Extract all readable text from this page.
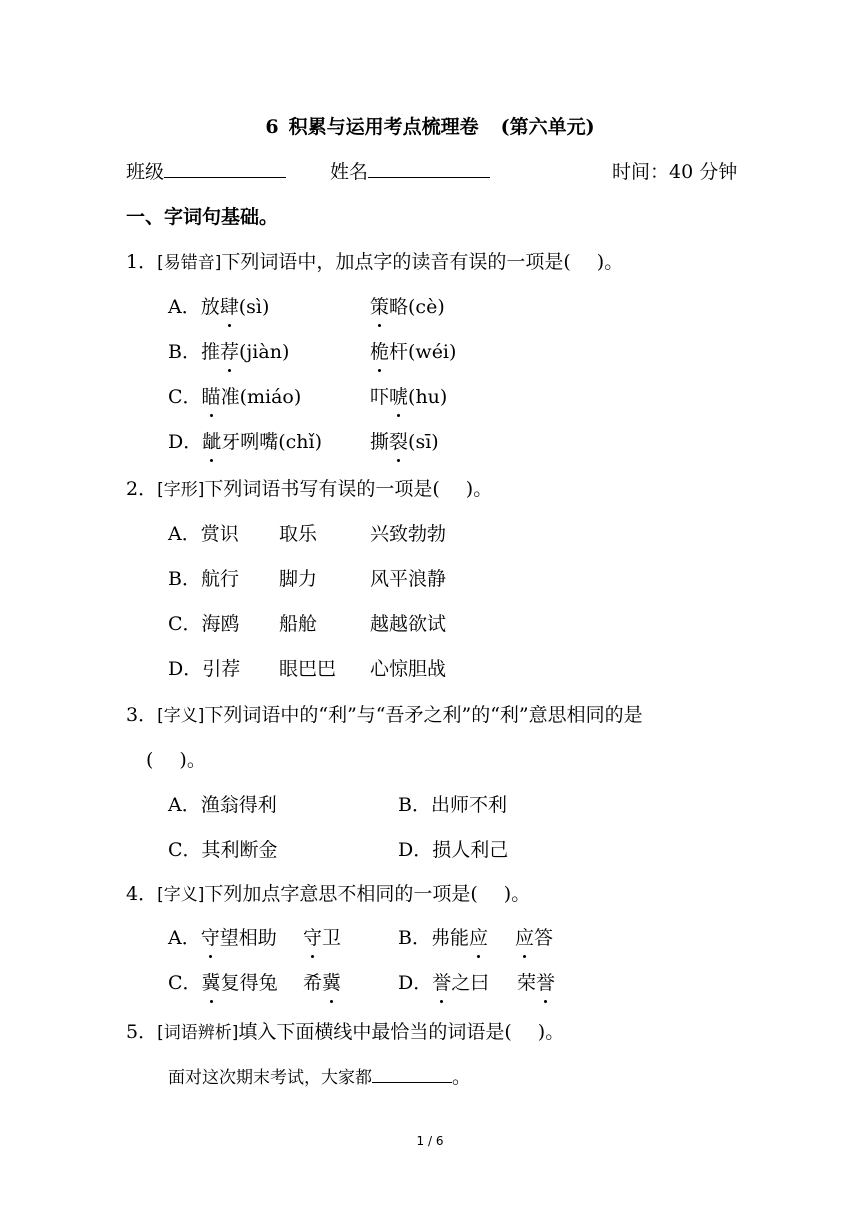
6 积累与运用考点梳理卷 (第六单元)
班级	姓名	时间：40 分钟
一、字词句基础。
1．[易错音]下列词语中，加点字的读音有误的一项是( )。
A．放肆(sì)	策略(cè)
B．推荐(jiàn)	桅杆(wéi)
C．瞄准(miáo)	吓唬(hu)
D．龇牙咧嘴(chǐ)	撕裂(sī)
2．[字形]下列词语书写有误的一项是( )。
A．赏识 取乐	兴致勃勃
B．航行 脚力	风平浪静
C．海鸥 船舱	越越欲试
D．引荐 眼巴巴 心惊胆战
3．[字义]下列词语中的“利”与“吾矛之利”的“利”意思相同的是
( )。
A．渔翁得利	B．出师不利
C．其利断金	D．损人利己
4．[字义]下列加点字意思不相同的一项是( )。
A．守望相助 守卫	B．弗能应 应答
C．冀复得兔 希冀	D．誉之曰 荣誉
5．[词语辨析]填入下面横线中最恰当的词语是( )。
面对这次期末考试，大家都	。
1 / 6
